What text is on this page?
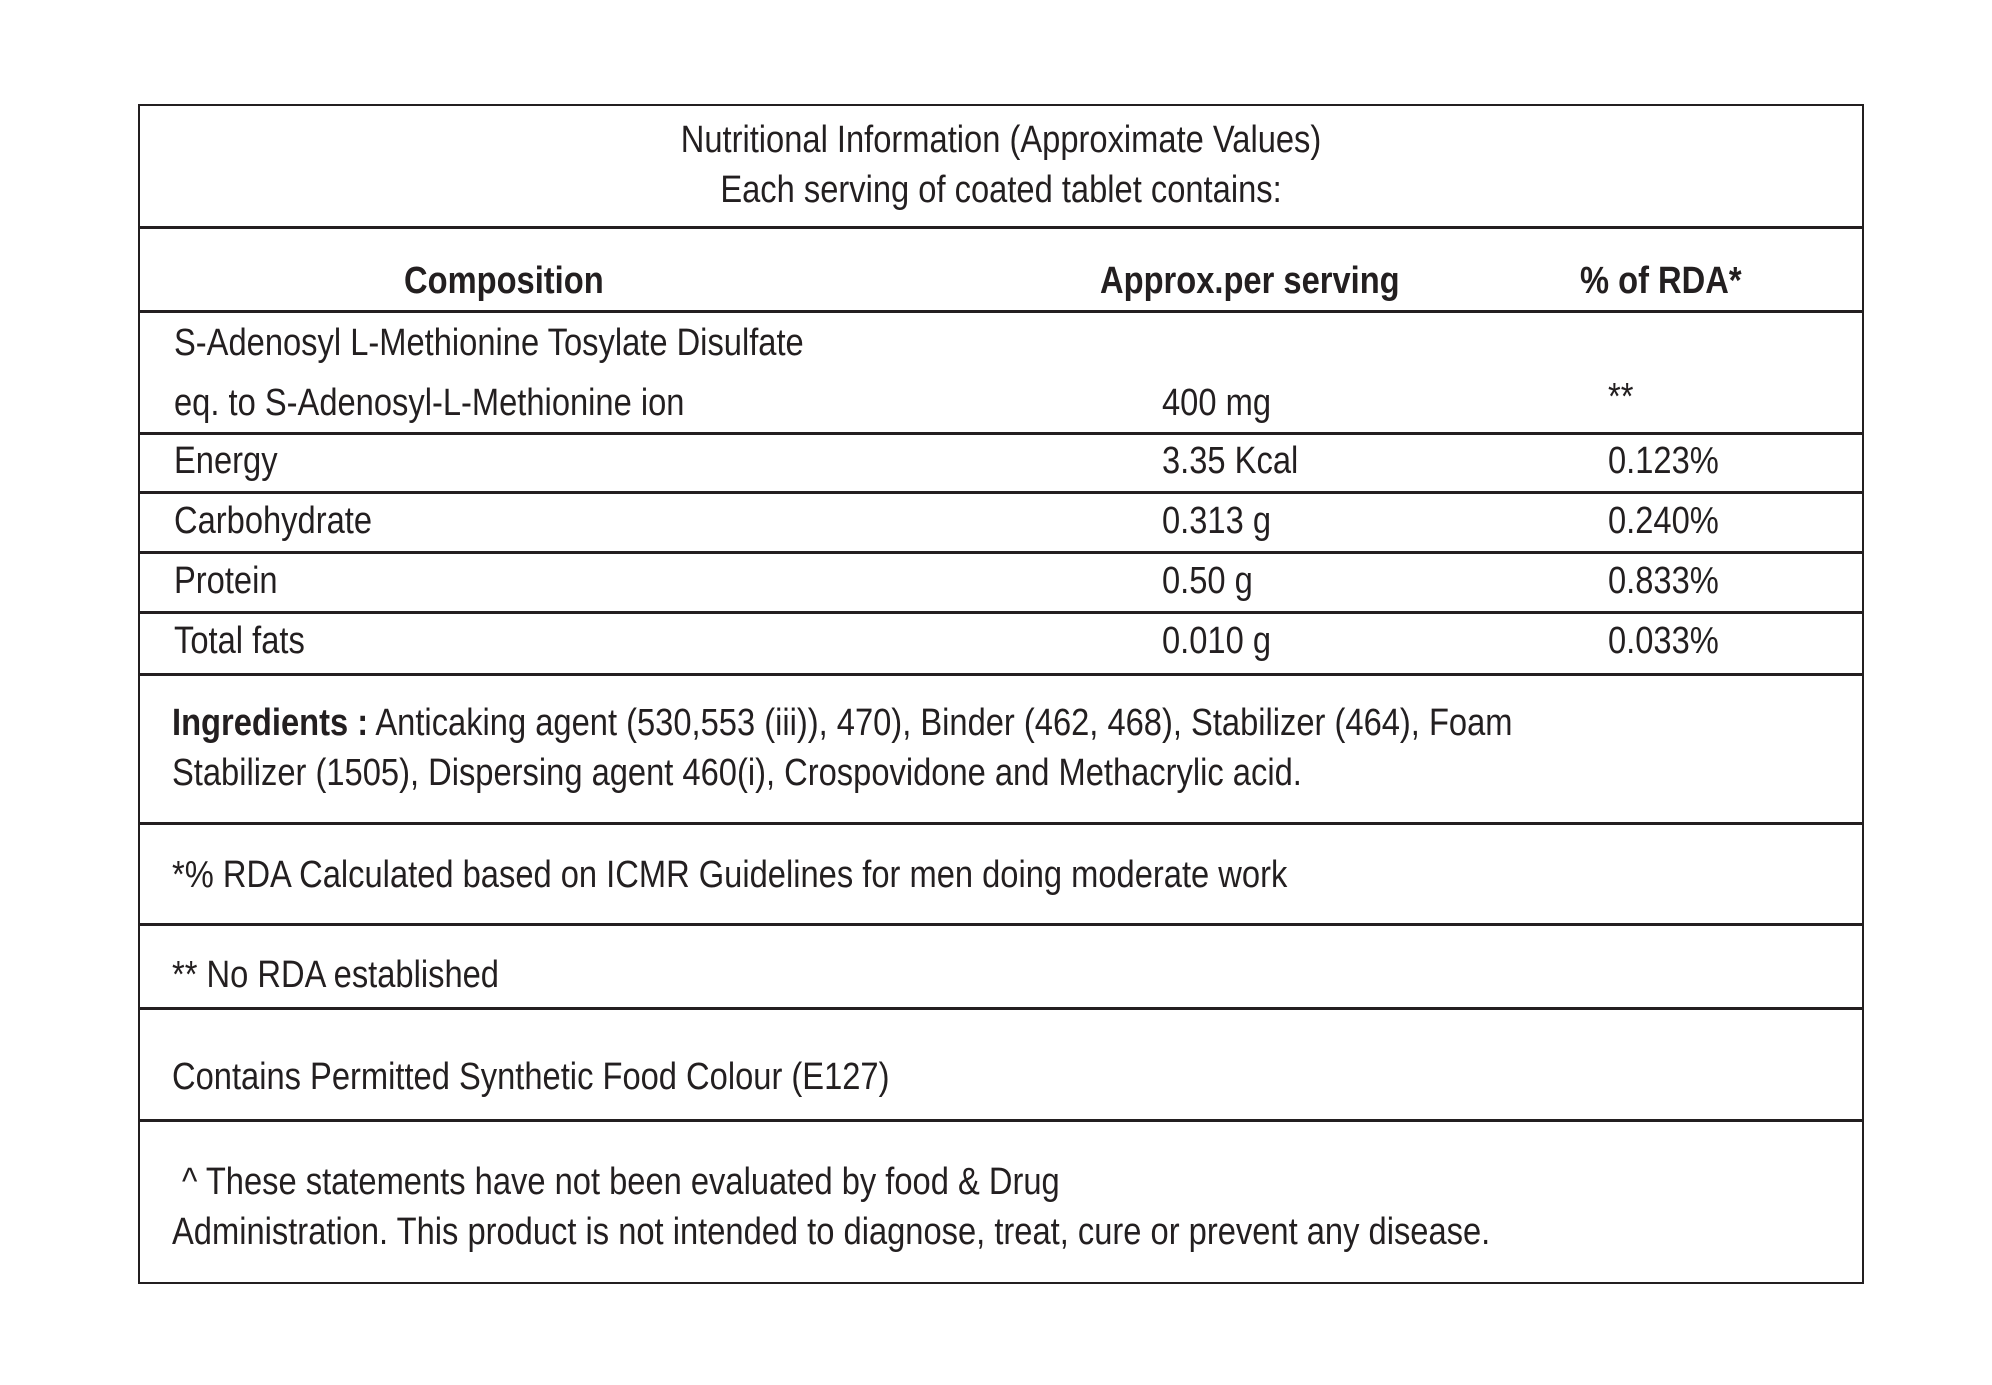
Nutritional Information (Approximate Values)
Each serving of coated tablet contains:
Composition	Approx.per serving	% of RDA*
S-Adenosyl L-Methionine Tosylate Disulfate
eq. to S-Adenosyl-L-Methionine ion	400 mg	**
Energy	3.35 Kcal	0.123%
Carbohydrate	0.313 g	0.240%
Protein	0.50 g	0.833%
Total fats	0.010 g	0.033%
Ingredients : Anticaking agent (530,553 (iii)), 470), Binder (462, 468), Stabilizer (464), Foam
Stabilizer (1505), Dispersing agent 460(i), Crospovidone and Methacrylic acid.
*% RDA Calculated based on ICMR Guidelines for men doing moderate work
** No RDA established
Contains Permitted Synthetic Food Colour (E127)
^ These statements have not been evaluated by food & Drug
Administration. This product is not intended to diagnose, treat, cure or prevent any disease.
